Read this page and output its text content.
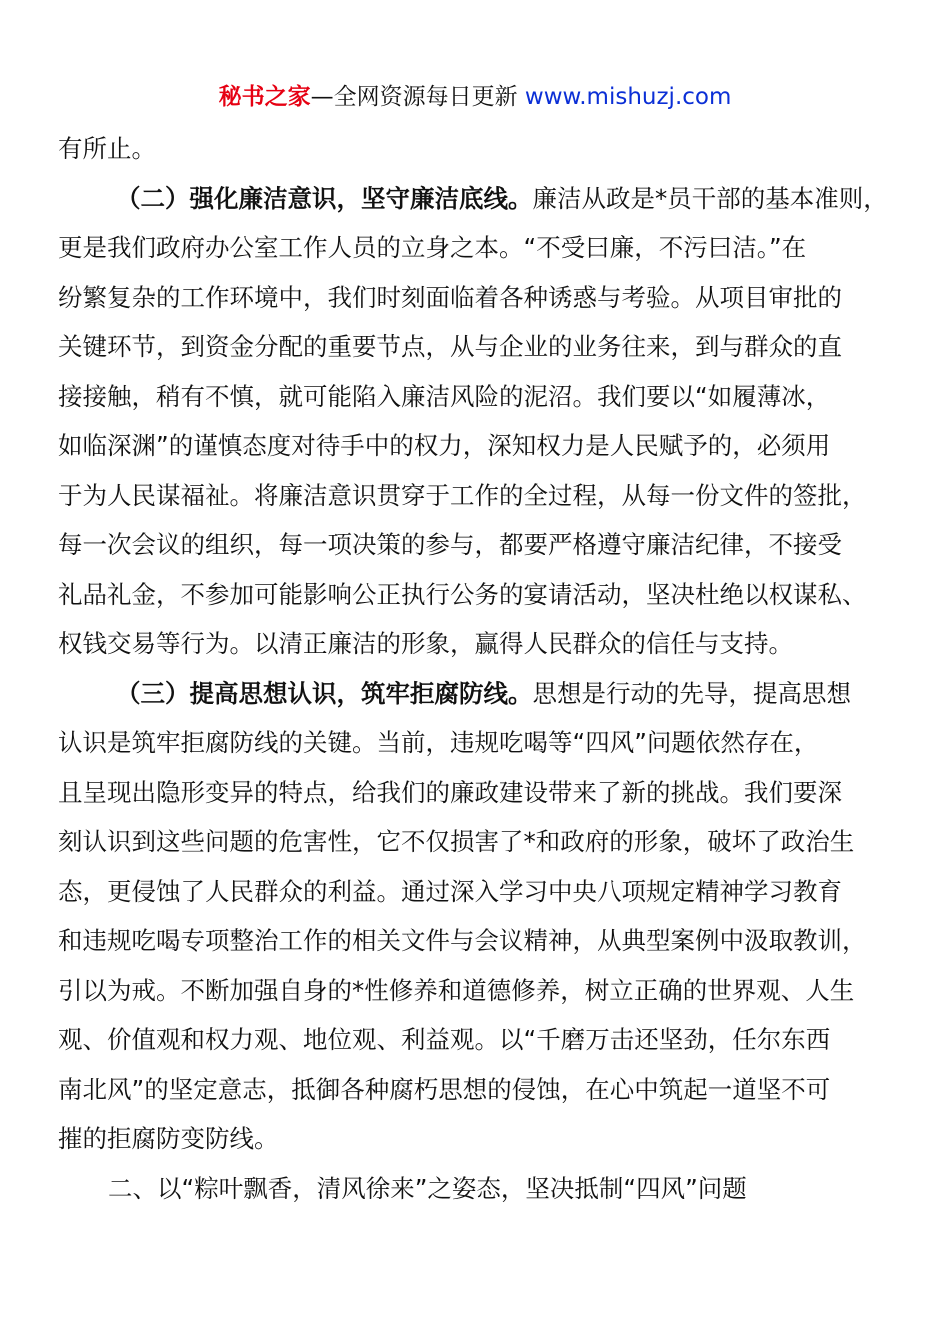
秘书之家—全网资源每日更新 www.mishuzj.com
有所止。
（二）强化廉洁意识，坚守廉洁底线。廉洁从政是*员干部的基本准则，
更是我们政府办公室工作人员的立身之本。“不受曰廉，不污曰洁。”在
纷繁复杂的工作环境中，我们时刻面临着各种诱惑与考验。从项目审批的
关键环节，到资金分配的重要节点，从与企业的业务往来，到与群众的直
接接触，稍有不慎，就可能陷入廉洁风险的泥沼。我们要以“如履薄冰，
如临深渊”的谨慎态度对待手中的权力，深知权力是人民赋予的，必须用
于为人民谋福祉。将廉洁意识贯穿于工作的全过程，从每一份文件的签批，
每一次会议的组织，每一项决策的参与，都要严格遵守廉洁纪律，不接受
礼品礼金，不参加可能影响公正执行公务的宴请活动，坚决杜绝以权谋私、
权钱交易等行为。以清正廉洁的形象，赢得人民群众的信任与支持。
（三）提高思想认识，筑牢拒腐防线。思想是行动的先导，提高思想
认识是筑牢拒腐防线的关键。当前，违规吃喝等“四风”问题依然存在，
且呈现出隐形变异的特点，给我们的廉政建设带来了新的挑战。我们要深
刻认识到这些问题的危害性，它不仅损害了*和政府的形象，破坏了政治生
态，更侵蚀了人民群众的利益。通过深入学习中央八项规定精神学习教育
和违规吃喝专项整治工作的相关文件与会议精神，从典型案例中汲取教训，
引以为戒。不断加强自身的*性修养和道德修养，树立正确的世界观、人生
观、价值观和权力观、地位观、利益观。以“千磨万击还坚劲，任尔东西
南北风”的坚定意志，抵御各种腐朽思想的侵蚀，在心中筑起一道坚不可
摧的拒腐防变防线。
二、以“粽叶飘香，清风徐来”之姿态，坚决抵制“四风”问题
